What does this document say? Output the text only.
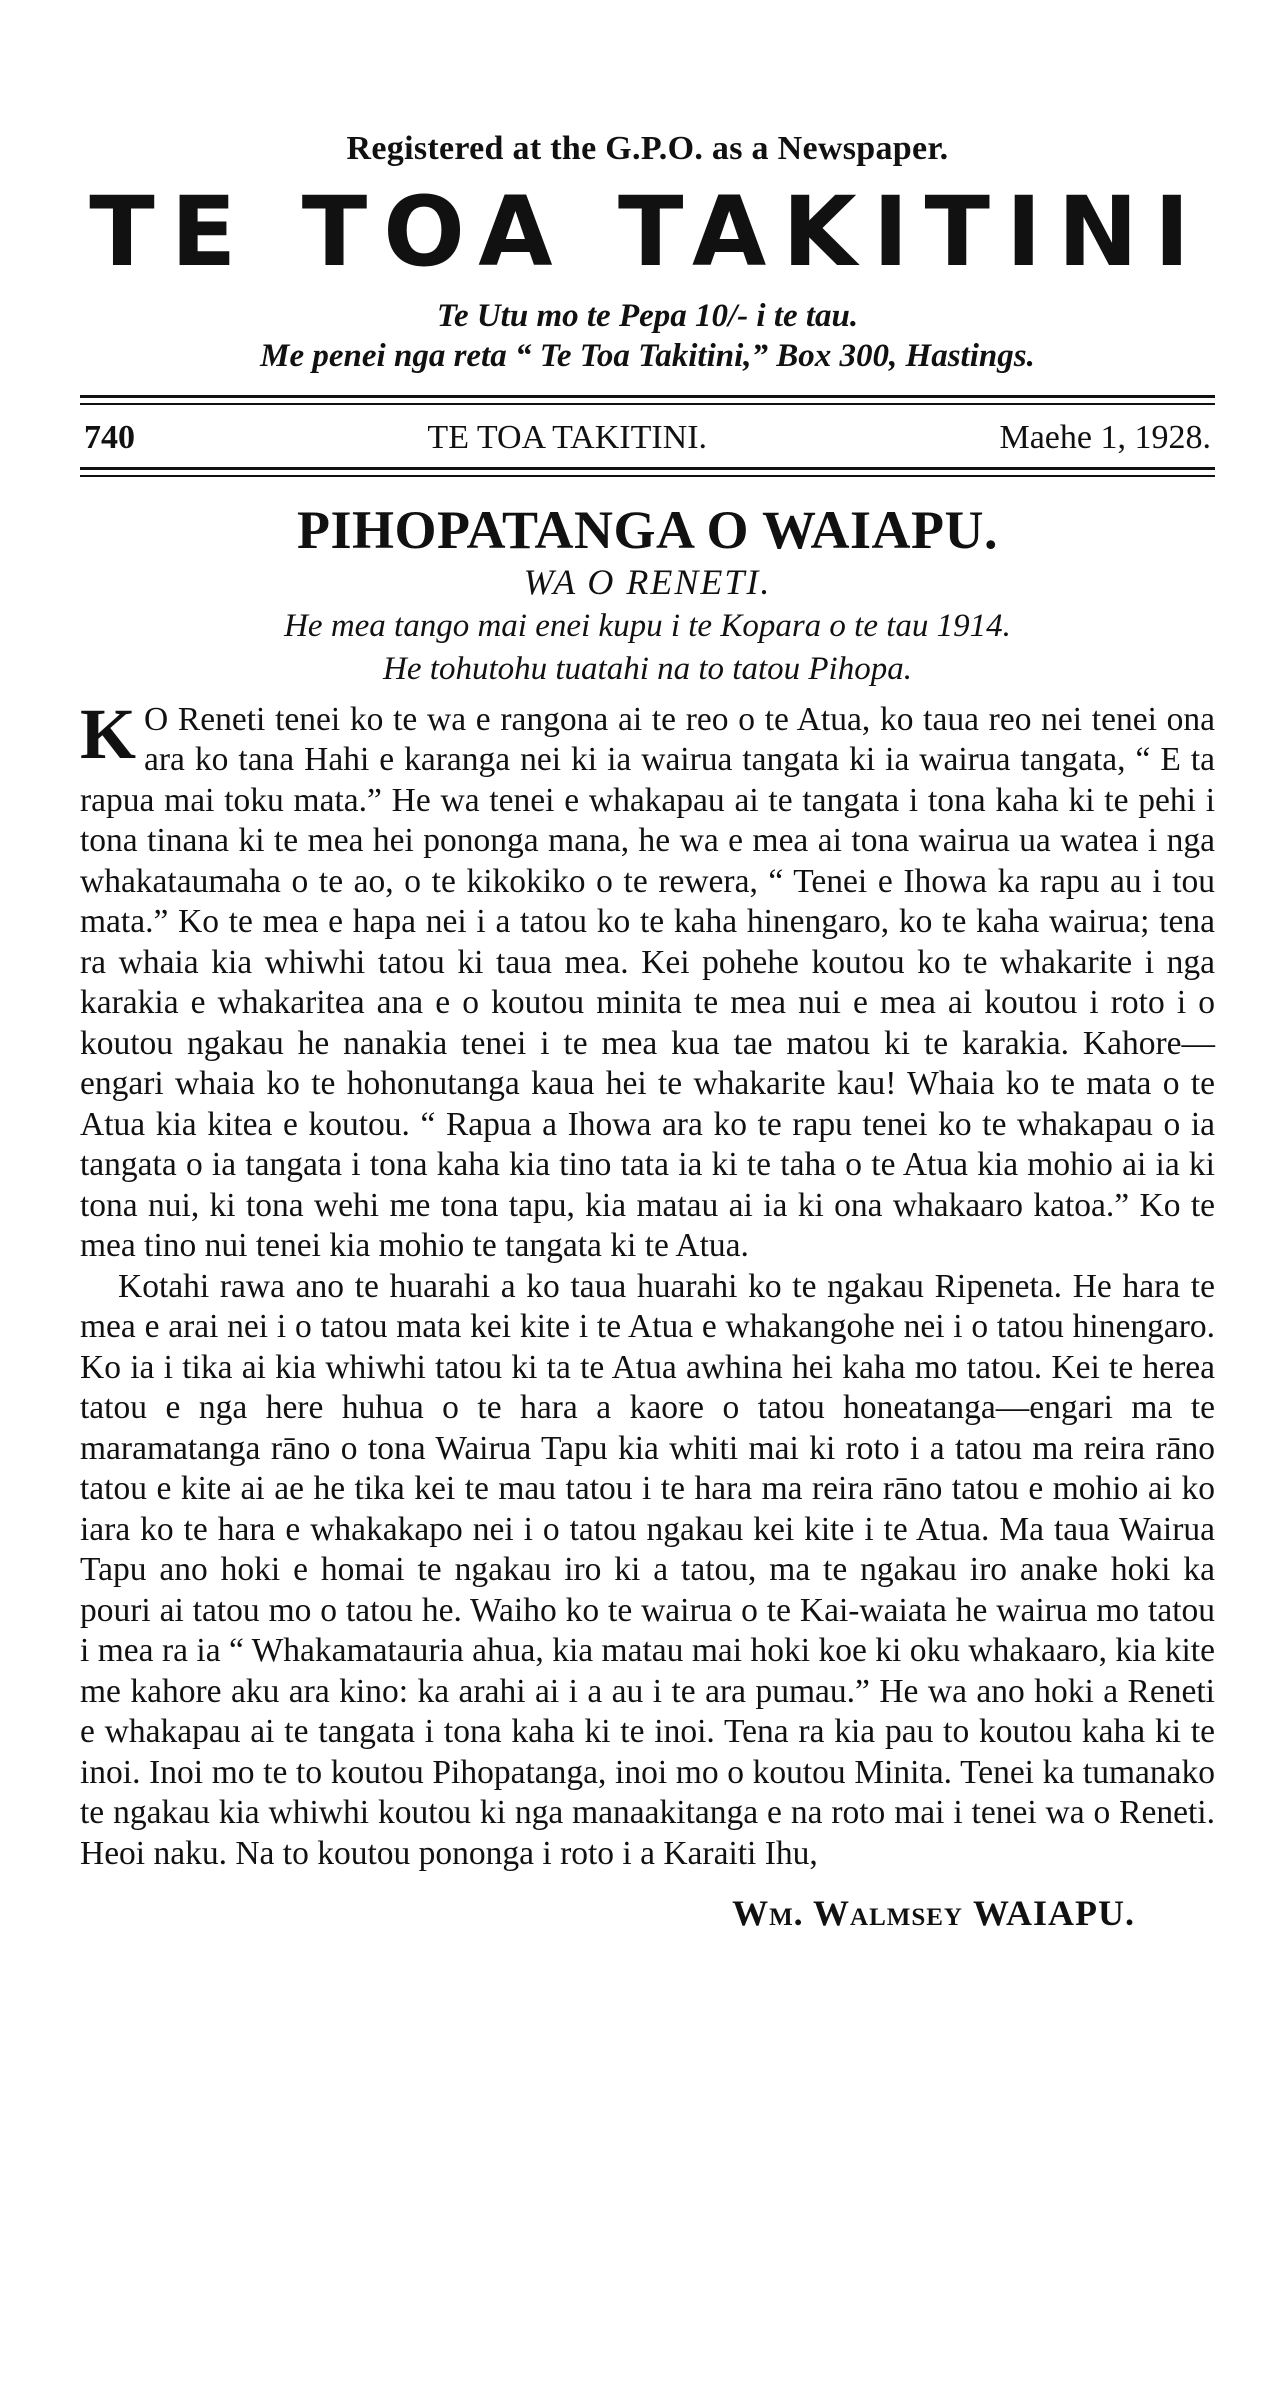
Registered at the G.P.O. as a Newspaper.
TE TOA TAKITINI
Te Utu mo te Pepa 10/- i te tau.
Me penei nga reta “ Te Toa Takitini,” Box 300, Hastings.
740	TE TOA TAKITINI.	Maehe 1, 1928.
PIHOPATANGA O WAIAPU.
WA O RENETI.
He mea tango mai enei kupu i te Kopara o te tau 1914.
He tohutohu tuatahi na to tatou Pihopa.

K O Reneti tenei ko te wa e rangona ai te reo o te Atua, ko taua reo nei tenei ona ara ko tana Hahi e karanga nei ki ia wairua tangata ki ia wairua tangata, “ E ta rapua mai toku mata.” He wa tenei e whakapau ai te tangata i tona kaha ki te pehi i tona tinana ki te mea hei pononga mana, he wa e mea ai tona wairua ua watea i nga whakataumaha o te ao, o te kikokiko o te rewera, “ Tenei e Ihowa ka rapu au i tou mata.” Ko te mea e hapa nei i a tatou ko te kaha hinengaro, ko te kaha wairua; tena ra whaia kia whiwhi tatou ki taua mea. Kei pohehe koutou ko te whakarite i nga karakia e whakaritea ana e o koutou minita te mea nui e mea ai koutou i roto i o koutou ngakau he nanakia tenei i te mea kua tae matou ki te karakia. Kahore—engari whaia ko te hohonutanga kaua hei te whakarite kau! Whaia ko te mata o te Atua kia kitea e koutou. “ Rapua a Ihowa ara ko te rapu tenei ko te whakapau o ia tangata o ia tangata i tona kaha kia tino tata ia ki te taha o te Atua kia mohio ai ia ki tona nui, ki tona wehi me tona tapu, kia matau ai ia ki ona whakaaro katoa.” Ko te mea tino nui tenei kia mohio te tangata ki te Atua.

Kotahi rawa ano te huarahi a ko taua huarahi ko te ngakau Ripeneta. He hara te mea e arai nei i o tatou mata kei kite i te Atua e whakangohe nei i o tatou hinengaro. Ko ia i tika ai kia whiwhi tatou ki ta te Atua awhina hei kaha mo tatou. Kei te herea tatou e nga here huhua o te hara a kaore o tatou honeatanga—engari ma te maramatanga rāno o tona Wairua Tapu kia whiti mai ki roto i a tatou ma reira rāno tatou e kite ai ae he tika kei te mau tatou i te hara ma reira rāno tatou e mohio ai ko iara ko te hara e whakakapo nei i o tatou ngakau kei kite i te Atua. Ma taua Wairua Tapu ano hoki e homai te ngakau iro ki a tatou, ma te ngakau iro anake hoki ka pouri ai tatou mo o tatou he. Waiho ko te wairua o te Kai-waiata he wairua mo tatou i mea ra ia “ Whakamatauria ahua, kia matau mai hoki koe ki oku whakaaro, kia kite me kahore aku ara kino: ka arahi ai i a au i te ara pumau.” He wa ano hoki a Reneti e whakapau ai te tangata i tona kaha ki te inoi. Tena ra kia pau to koutou kaha ki te inoi. Inoi mo te to koutou Pihopatanga, inoi mo o koutou Minita. Tenei ka tumanako te ngakau kia whiwhi koutou ki nga manaakitanga e na roto mai i tenei wa o Reneti. Heoi naku. Na to koutou pononga i roto i a Karaiti Ihu,

Wm. Walmsey WAIAPU.
